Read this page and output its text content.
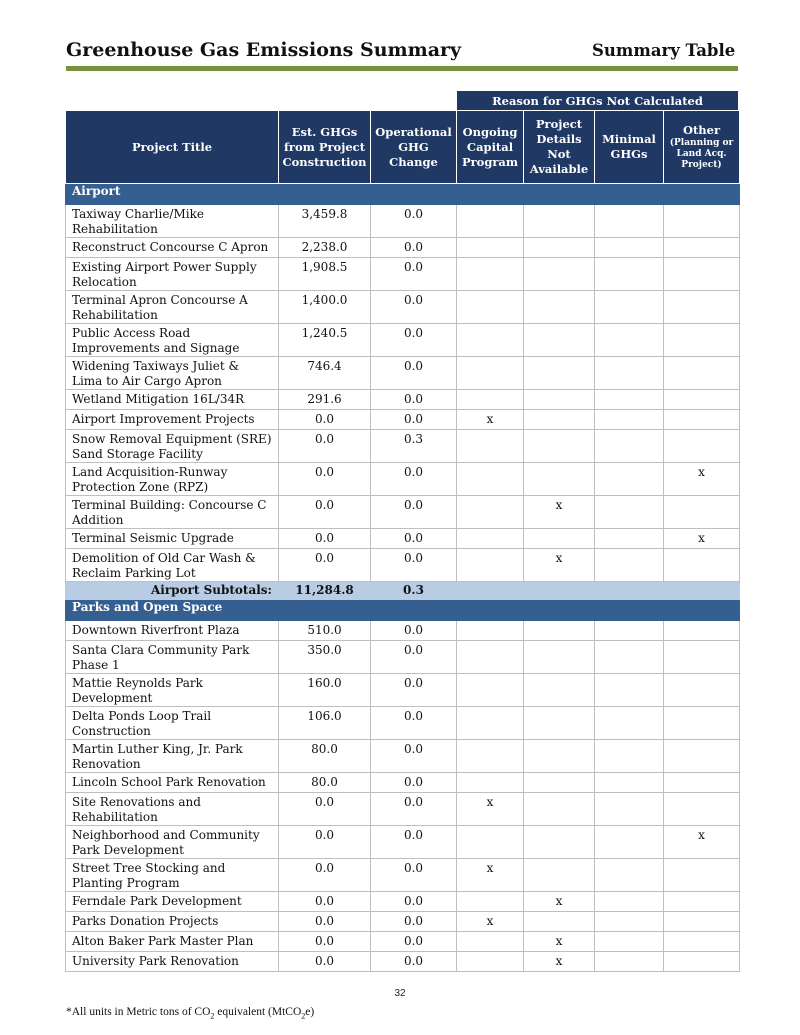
Greenhouse Gas Emissions Summary	Summary Table
Reason for GHGs Not Calculated
Project Title	Est. GHGs from Project Construction	Operational GHG Change	Ongoing Capital Program	Project Details Not Available	Minimal GHGs	Other
(Planning or Land Acq. Project)
Airport						
Taxiway Charlie/Mike Rehabilitation	3,459.8	0.0				
Reconstruct Concourse C Apron	2,238.0	0.0				
Existing Airport Power Supply Relocation	1,908.5	0.0				
Terminal Apron Concourse A Rehabilitation	1,400.0	0.0				
Public Access Road Improvements and Signage	1,240.5	0.0				
Widening Taxiways Juliet & Lima to Air Cargo Apron	746.4	0.0				
Wetland Mitigation 16L/34R	291.6	0.0				
Airport Improvement Projects	0.0	0.0	x			
Snow Removal Equipment (SRE) Sand Storage Facility	0.0	0.3				
Land Acquisition-Runway Protection Zone (RPZ)	0.0	0.0				x
Terminal Building: Concourse C Addition	0.0	0.0		x		
Terminal Seismic Upgrade	0.0	0.0				x
Demolition of Old Car Wash & Reclaim Parking Lot	0.0	0.0		x		
Airport Subtotals:	11,284.8	0.3				
Parks and Open Space						
Downtown Riverfront Plaza	510.0	0.0				
Santa Clara Community Park Phase 1	350.0	0.0				
Mattie Reynolds Park Development	160.0	0.0				
Delta Ponds Loop Trail Construction	106.0	0.0				
Martin Luther King, Jr. Park Renovation	80.0	0.0				
Lincoln School Park Renovation	80.0	0.0				
Site Renovations and Rehabilitation	0.0	0.0	x			
Neighborhood and Community Park Development	0.0	0.0				x
Street Tree Stocking and Planting Program	0.0	0.0	x			
Ferndale Park Development	0.0	0.0		x		
Parks Donation Projects	0.0	0.0	x			
Alton Baker Park Master Plan	0.0	0.0		x		
University Park Renovation	0.0	0.0		x		
32
*All units in Metric tons of $CO_2$ equivalent (MtCO$_2$e)
